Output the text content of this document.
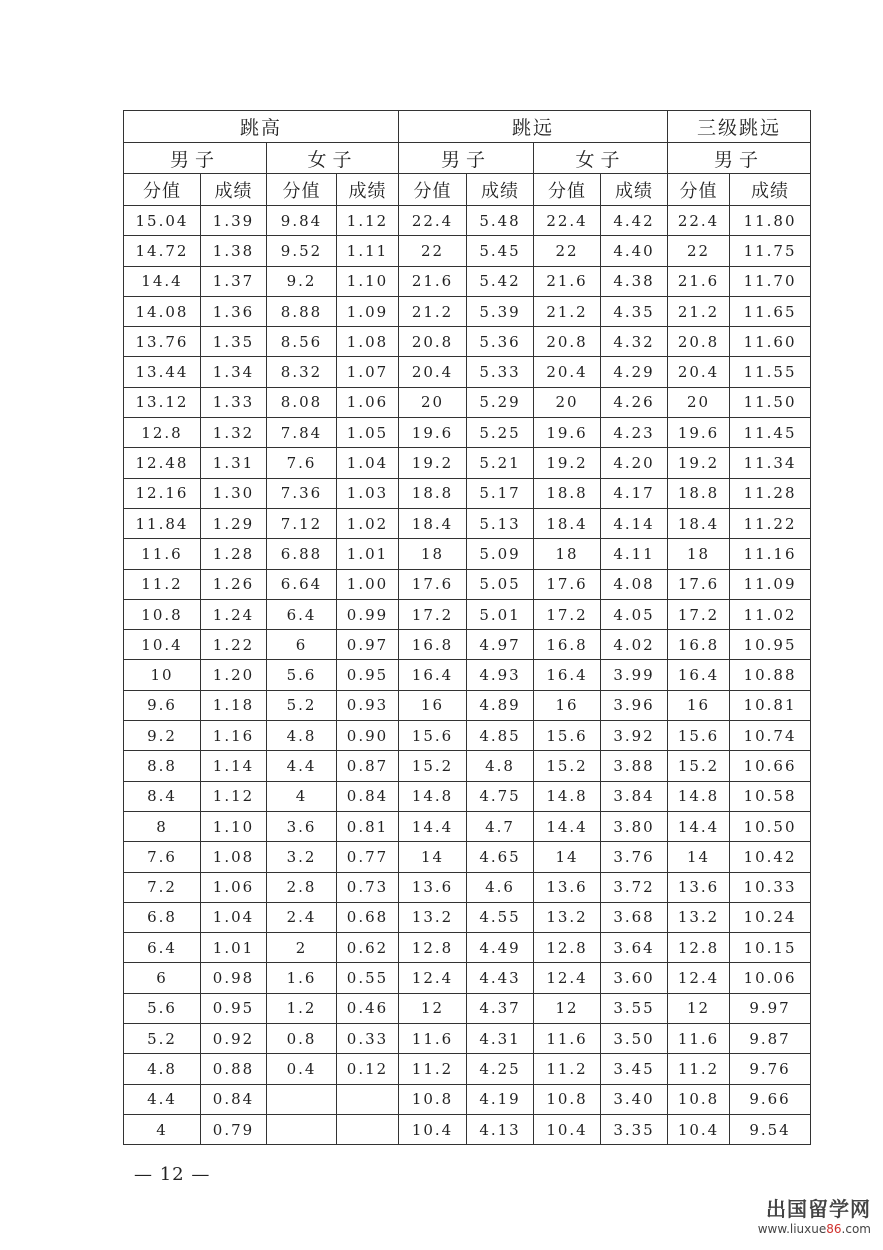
跳高				跳远				三级跳远	
男子		女子		男子		女子		男子	
分值	成绩	分值	成绩	分值	成绩	分值	成绩	分值	成绩
15.04	1.39	9.84	1.12	22.4	5.48	22.4	4.42	22.4	11.80
14.72	1.38	9.52	1.11	22	5.45	22	4.40	22	11.75
14.4	1.37	9.2	1.10	21.6	5.42	21.6	4.38	21.6	11.70
14.08	1.36	8.88	1.09	21.2	5.39	21.2	4.35	21.2	11.65
13.76	1.35	8.56	1.08	20.8	5.36	20.8	4.32	20.8	11.60
13.44	1.34	8.32	1.07	20.4	5.33	20.4	4.29	20.4	11.55
13.12	1.33	8.08	1.06	20	5.29	20	4.26	20	11.50
12.8	1.32	7.84	1.05	19.6	5.25	19.6	4.23	19.6	11.45
12.48	1.31	7.6	1.04	19.2	5.21	19.2	4.20	19.2	11.34
12.16	1.30	7.36	1.03	18.8	5.17	18.8	4.17	18.8	11.28
11.84	1.29	7.12	1.02	18.4	5.13	18.4	4.14	18.4	11.22
11.6	1.28	6.88	1.01	18	5.09	18	4.11	18	11.16
11.2	1.26	6.64	1.00	17.6	5.05	17.6	4.08	17.6	11.09
10.8	1.24	6.4	0.99	17.2	5.01	17.2	4.05	17.2	11.02
10.4	1.22	6	0.97	16.8	4.97	16.8	4.02	16.8	10.95
10	1.20	5.6	0.95	16.4	4.93	16.4	3.99	16.4	10.88
9.6	1.18	5.2	0.93	16	4.89	16	3.96	16	10.81
9.2	1.16	4.8	0.90	15.6	4.85	15.6	3.92	15.6	10.74
8.8	1.14	4.4	0.87	15.2	4.8	15.2	3.88	15.2	10.66
8.4	1.12	4	0.84	14.8	4.75	14.8	3.84	14.8	10.58
8	1.10	3.6	0.81	14.4	4.7	14.4	3.80	14.4	10.50
7.6	1.08	3.2	0.77	14	4.65	14	3.76	14	10.42
7.2	1.06	2.8	0.73	13.6	4.6	13.6	3.72	13.6	10.33
6.8	1.04	2.4	0.68	13.2	4.55	13.2	3.68	13.2	10.24
6.4	1.01	2	0.62	12.8	4.49	12.8	3.64	12.8	10.15
6	0.98	1.6	0.55	12.4	4.43	12.4	3.60	12.4	10.06
5.6	0.95	1.2	0.46	12	4.37	12	3.55	12	9.97
5.2	0.92	0.8	0.33	11.6	4.31	11.6	3.50	11.6	9.87
4.8	0.88	0.4	0.12	11.2	4.25	11.2	3.45	11.2	9.76
4.4	0.84			10.8	4.19	10.8	3.40	10.8	9.66
4	0.79			10.4	4.13	10.4	3.35	10.4	9.54
— 12 —
出国留学网
www.liuxue86.com
